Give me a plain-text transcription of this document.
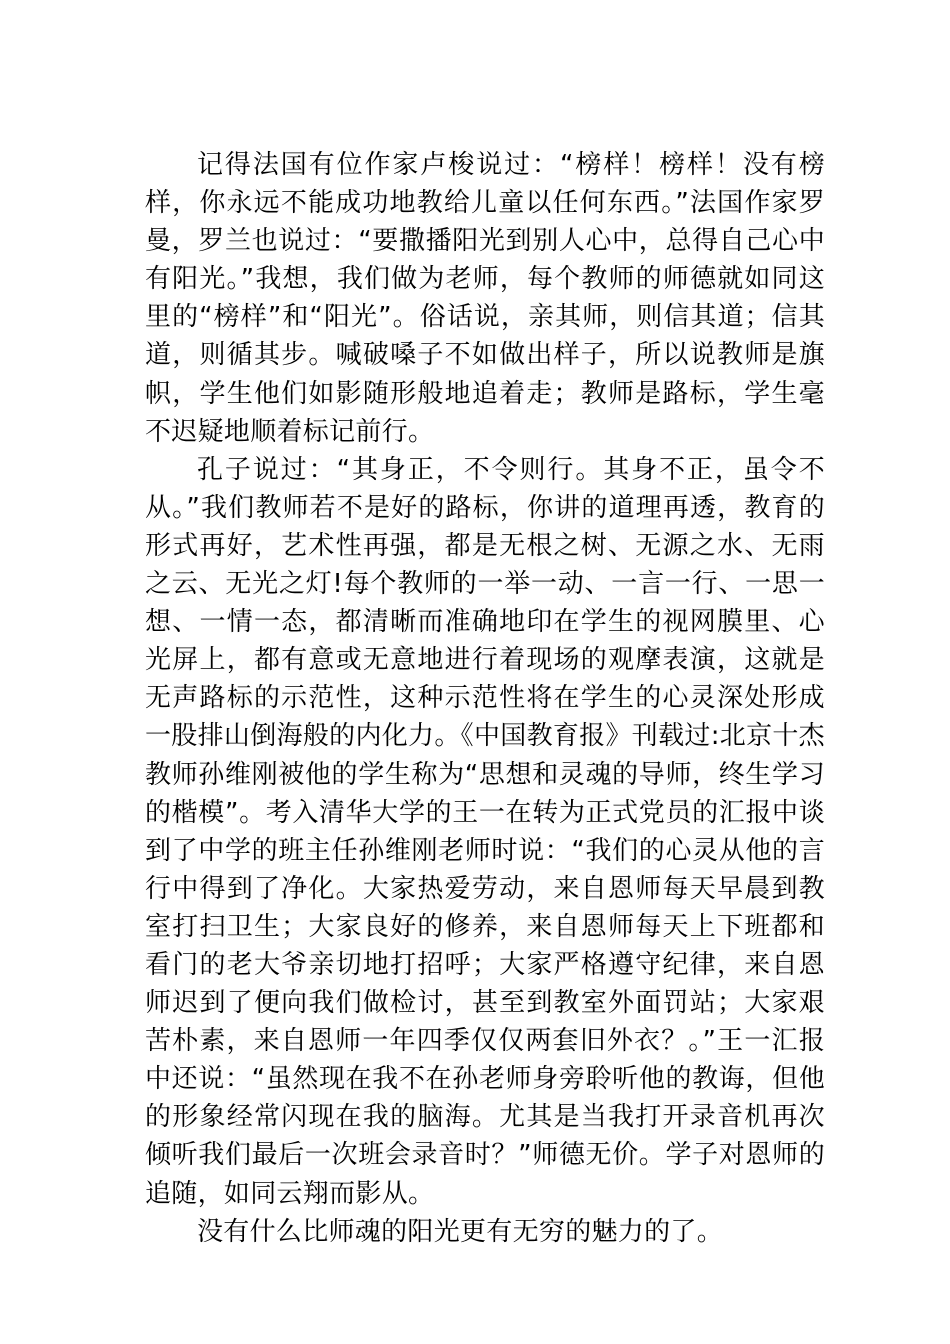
记得法国有位作家卢梭说过：“榜样！榜样！没有榜样，你永远不能成功地教给儿童以任何东西。”法国作家罗曼，罗兰也说过：“要撒播阳光到别人心中，总得自己心中有阳光。”我想，我们做为老师，每个教师的师德就如同这里的“榜样”和“阳光”。俗话说，亲其师，则信其道；信其道，则循其步。喊破嗓子不如做出样子，所以说教师是旗帜，学生他们如影随形般地追着走；教师是路标，学生毫不迟疑地顺着标记前行。

孔子说过：“其身正，不令则行。其身不正，虽令不从。”我们教师若不是好的路标，你讲的道理再透，教育的形式再好，艺术性再强，都是无根之树、无源之水、无雨之云、无光之灯!每个教师的一举一动、一言一行、一思一想、一情一态，都清晰而准确地印在学生的视网膜里、心光屏上，都有意或无意地进行着现场的观摩表演，这就是无声路标的示范性，这种示范性将在学生的心灵深处形成一股排山倒海般的内化力。《中国教育报》刊载过:北京十杰教师孙维刚被他的学生称为“思想和灵魂的导师，终生学习的楷模”。考入清华大学的王一在转为正式党员的汇报中谈到了中学的班主任孙维刚老师时说：“我们的心灵从他的言行中得到了净化。大家热爱劳动，来自恩师每天早晨到教室打扫卫生；大家良好的修养，来自恩师每天上下班都和看门的老大爷亲切地打招呼；大家严格遵守纪律，来自恩师迟到了便向我们做检讨，甚至到教室外面罚站；大家艰苦朴素，来自恩师一年四季仅仅两套旧外衣？。”王一汇报中还说：“虽然现在我不在孙老师身旁聆听他的教诲，但他的形象经常闪现在我的脑海。尤其是当我打开录音机再次倾听我们最后一次班会录音时？”师德无价。学子对恩师的追随，如同云翔而影从。

没有什么比师魂的阳光更有无穷的魅力的了。
